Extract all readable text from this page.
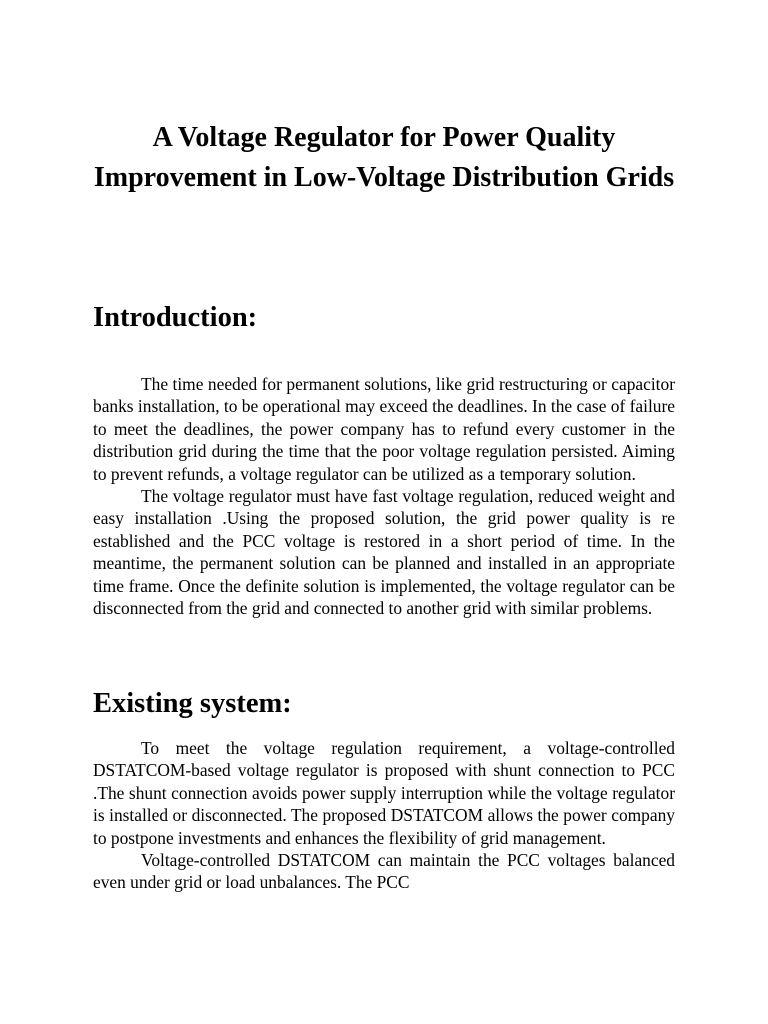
A Voltage Regulator for Power Quality Improvement in Low-Voltage Distribution Grids
Introduction:

The time needed for permanent solutions, like grid restructuring or capacitor banks installation, to be operational may exceed the deadlines. In the case of failure to meet the deadlines, the power company has to refund every customer in the distribution grid during the time that the poor voltage regulation persisted. Aiming to prevent refunds, a voltage regulator can be utilized as a temporary solution.

The voltage regulator must have fast voltage regulation, reduced weight and easy installation .Using the proposed solution, the grid power quality is re established and the PCC voltage is restored in a short period of time. In the meantime, the permanent solution can be planned and installed in an appropriate time frame. Once the definite solution is implemented, the voltage regulator can be disconnected from the grid and connected to another grid with similar problems.

Existing system:

To meet the voltage regulation requirement, a voltage-controlled DSTATCOM-based voltage regulator is proposed with shunt connection to PCC .The shunt connection avoids power supply interruption while the voltage regulator is installed or disconnected. The proposed DSTATCOM allows the power company to postpone investments and enhances the flexibility of grid management.

Voltage-controlled DSTATCOM can maintain the PCC voltages balanced even under grid or load unbalances. The PCC
